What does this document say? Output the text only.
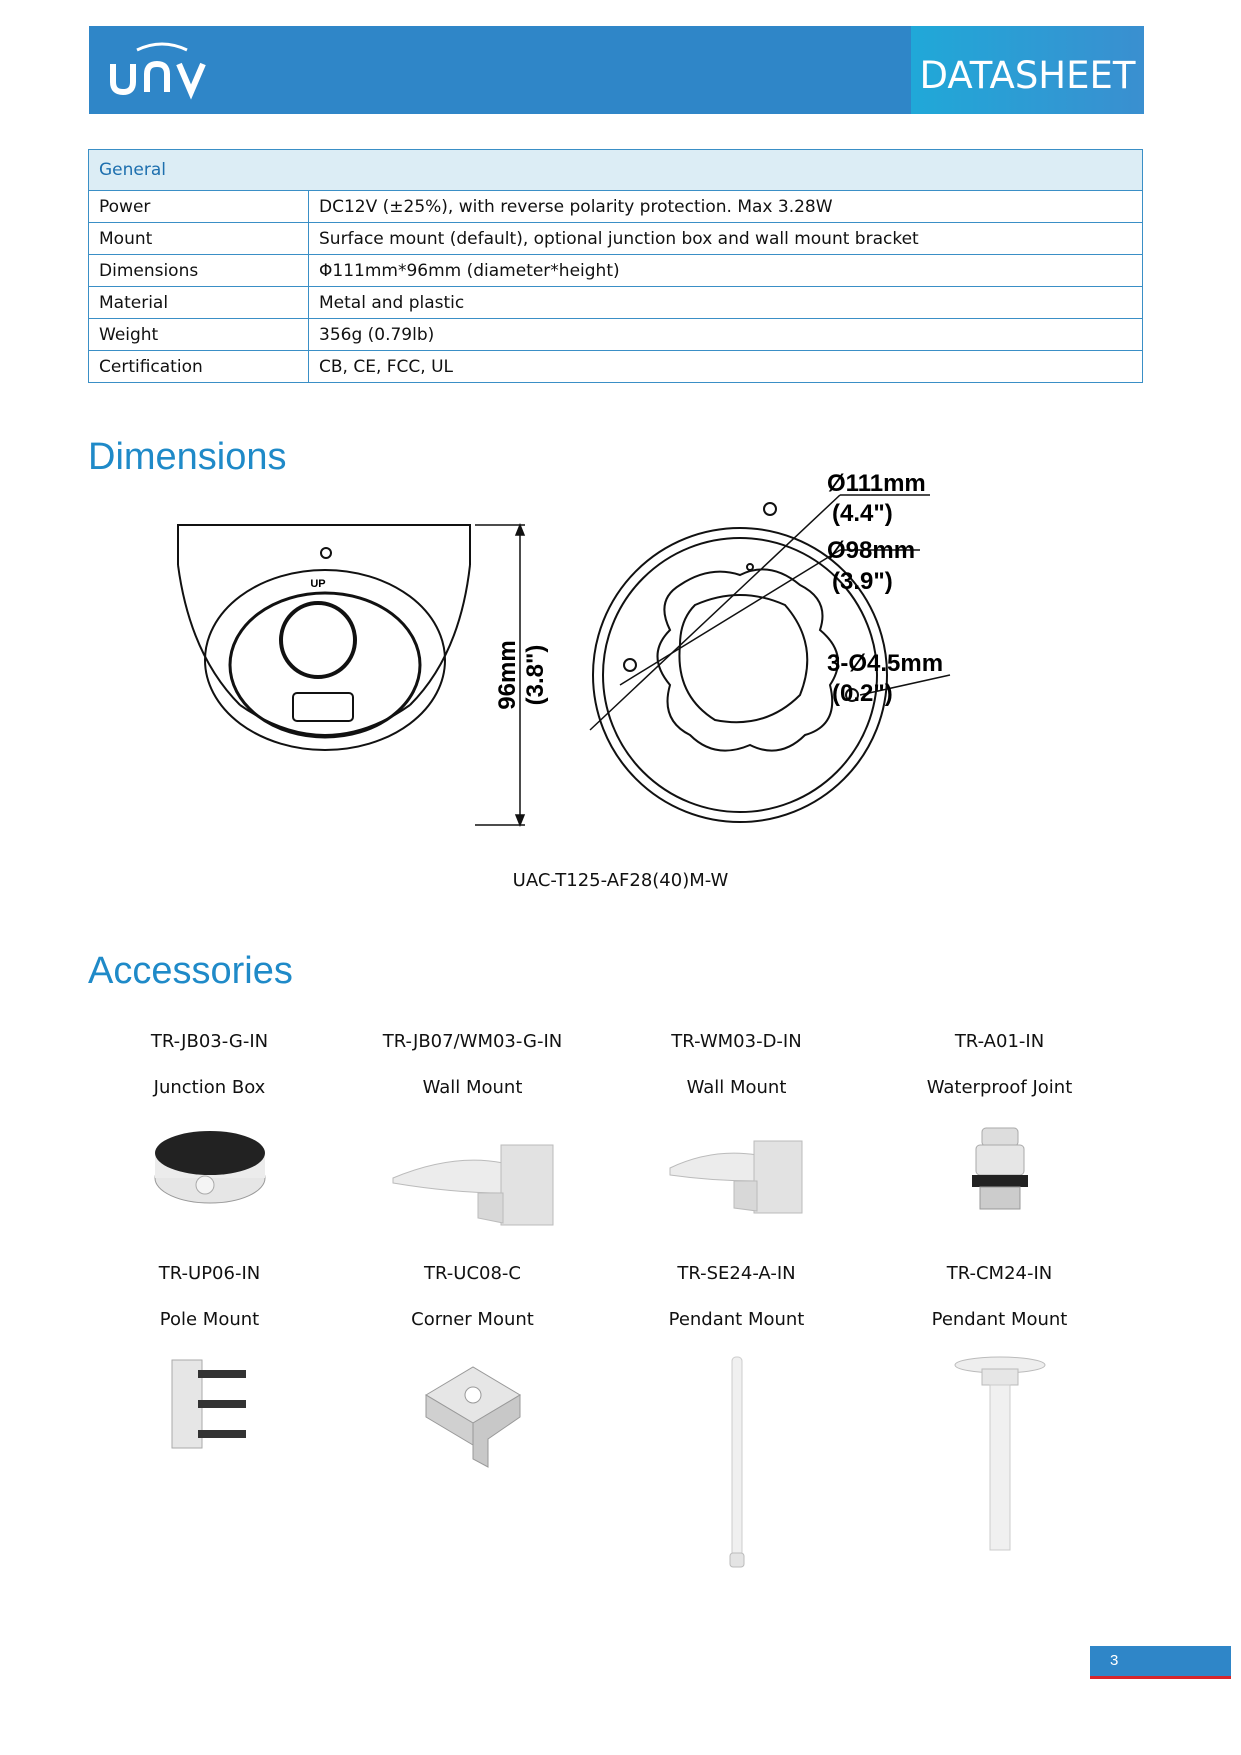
DATASHEET
General	
Power	DC12V (±25%), with reverse polarity protection. Max 3.28W
Mount	Surface mount (default), optional junction box and wall mount bracket
Dimensions	Φ111mm*96mm (diameter*height)
Material	Metal and plastic
Weight	356g (0.79lb)
Certification	CB, CE, FCC, UL
Dimensions
UP
96mm (3.8")
Ø111mm
(4.4")
Ø98mm
(3.9")
3-Ø4.5mm
(0.2")
UAC-T125-AF28(40)M-W
Accessories
TR-JB03-G-IN
Junction Box
TR-JB07/WM03-G-IN
Wall Mount
TR-WM03-D-IN
Wall Mount
TR-A01-IN
Waterproof Joint
TR-UP06-IN
Pole Mount
TR-UC08-C
Corner Mount
TR-SE24-A-IN
Pendant Mount
TR-CM24-IN
Pendant Mount
3
